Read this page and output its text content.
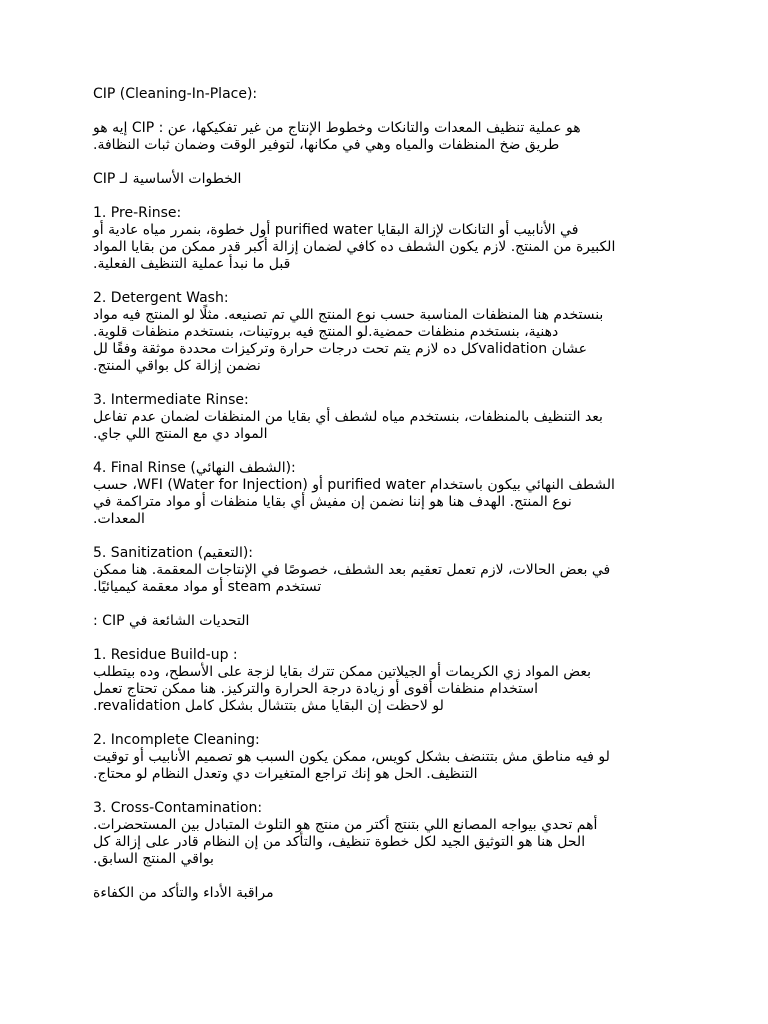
CIP (Cleaning-In-Place):
هو عملية تنظيف المعدات والتانكات وخطوط الإنتاج من غير تفكيكها، عن : CIP إيه هو
طريق ضخ المنظفات والمياه وهي في مكانها، لتوفير الوقت وضمان ثبات النظافة.
الخطوات الأساسية لـ CIP
1. Pre-Rinse:
في الأنابيب أو التانكات لإزالة البقايا purified water أول خطوة، بنمرر مياه عادية أو
الكبيرة من المنتج. لازم يكون الشطف ده كافي لضمان إزالة أكبر قدر ممكن من بقايا المواد
قبل ما نبدأ عملية التنظيف الفعلية.
2. Detergent Wash:
بنستخدم هنا المنظفات المناسبة حسب نوع المنتج اللي تم تصنيعه. مثلًا لو المنتج فيه مواد
دهنية، بنستخدم منظفات حمضية.لو المنتج فيه بروتينات، بنستخدم منظفات قلوية.
عشان validationكل ده لازم يتم تحت درجات حرارة وتركيزات محددة موثقة وفقًا لل
نضمن إزالة كل بواقي المنتج.
3. Intermediate Rinse:
بعد التنظيف بالمنظفات، بنستخدم مياه لشطف أي بقايا من المنظفات لضمان عدم تفاعل
المواد دي مع المنتج اللي جاي.
4. Final Rinse (الشطف النهائي):
الشطف النهائي بيكون باستخدام purified water أو WFI (Water for Injection)، حسب
نوع المنتج. الهدف هنا هو إننا نضمن إن مفيش أي بقايا منظفات أو مواد متراكمة في
المعدات.
5. Sanitization (التعقيم):
في بعض الحالات، لازم تعمل تعقيم بعد الشطف، خصوصًا في الإنتاجات المعقمة. هنا ممكن
تستخدم steam أو مواد معقمة كيميائيًا.
التحديات الشائعة في CIP :
1. Residue Build-up :
بعض المواد زي الكريمات أو الجيلاتين ممكن تترك بقايا لزجة على الأسطح، وده بيتطلب
استخدام منظفات أقوى أو زيادة درجة الحرارة والتركيز. هنا ممكن تحتاج تعمل
لو لاحظت إن البقايا مش بتتشال بشكل كامل revalidation.
2. Incomplete Cleaning:
لو فيه مناطق مش بتتنضف بشكل كويس، ممكن يكون السبب هو تصميم الأنابيب أو توقيت
التنظيف. الحل هو إنك تراجع المتغيرات دي وتعدل النظام لو محتاج.
3. Cross-Contamination:
أهم تحدي بيواجه المصانع اللي بتنتج أكتر من منتج هو التلوث المتبادل بين المستحضرات.
الحل هنا هو التوثيق الجيد لكل خطوة تنظيف، والتأكد من إن النظام قادر على إزالة كل
بواقي المنتج السابق.
مراقبة الأداء والتأكد من الكفاءة
